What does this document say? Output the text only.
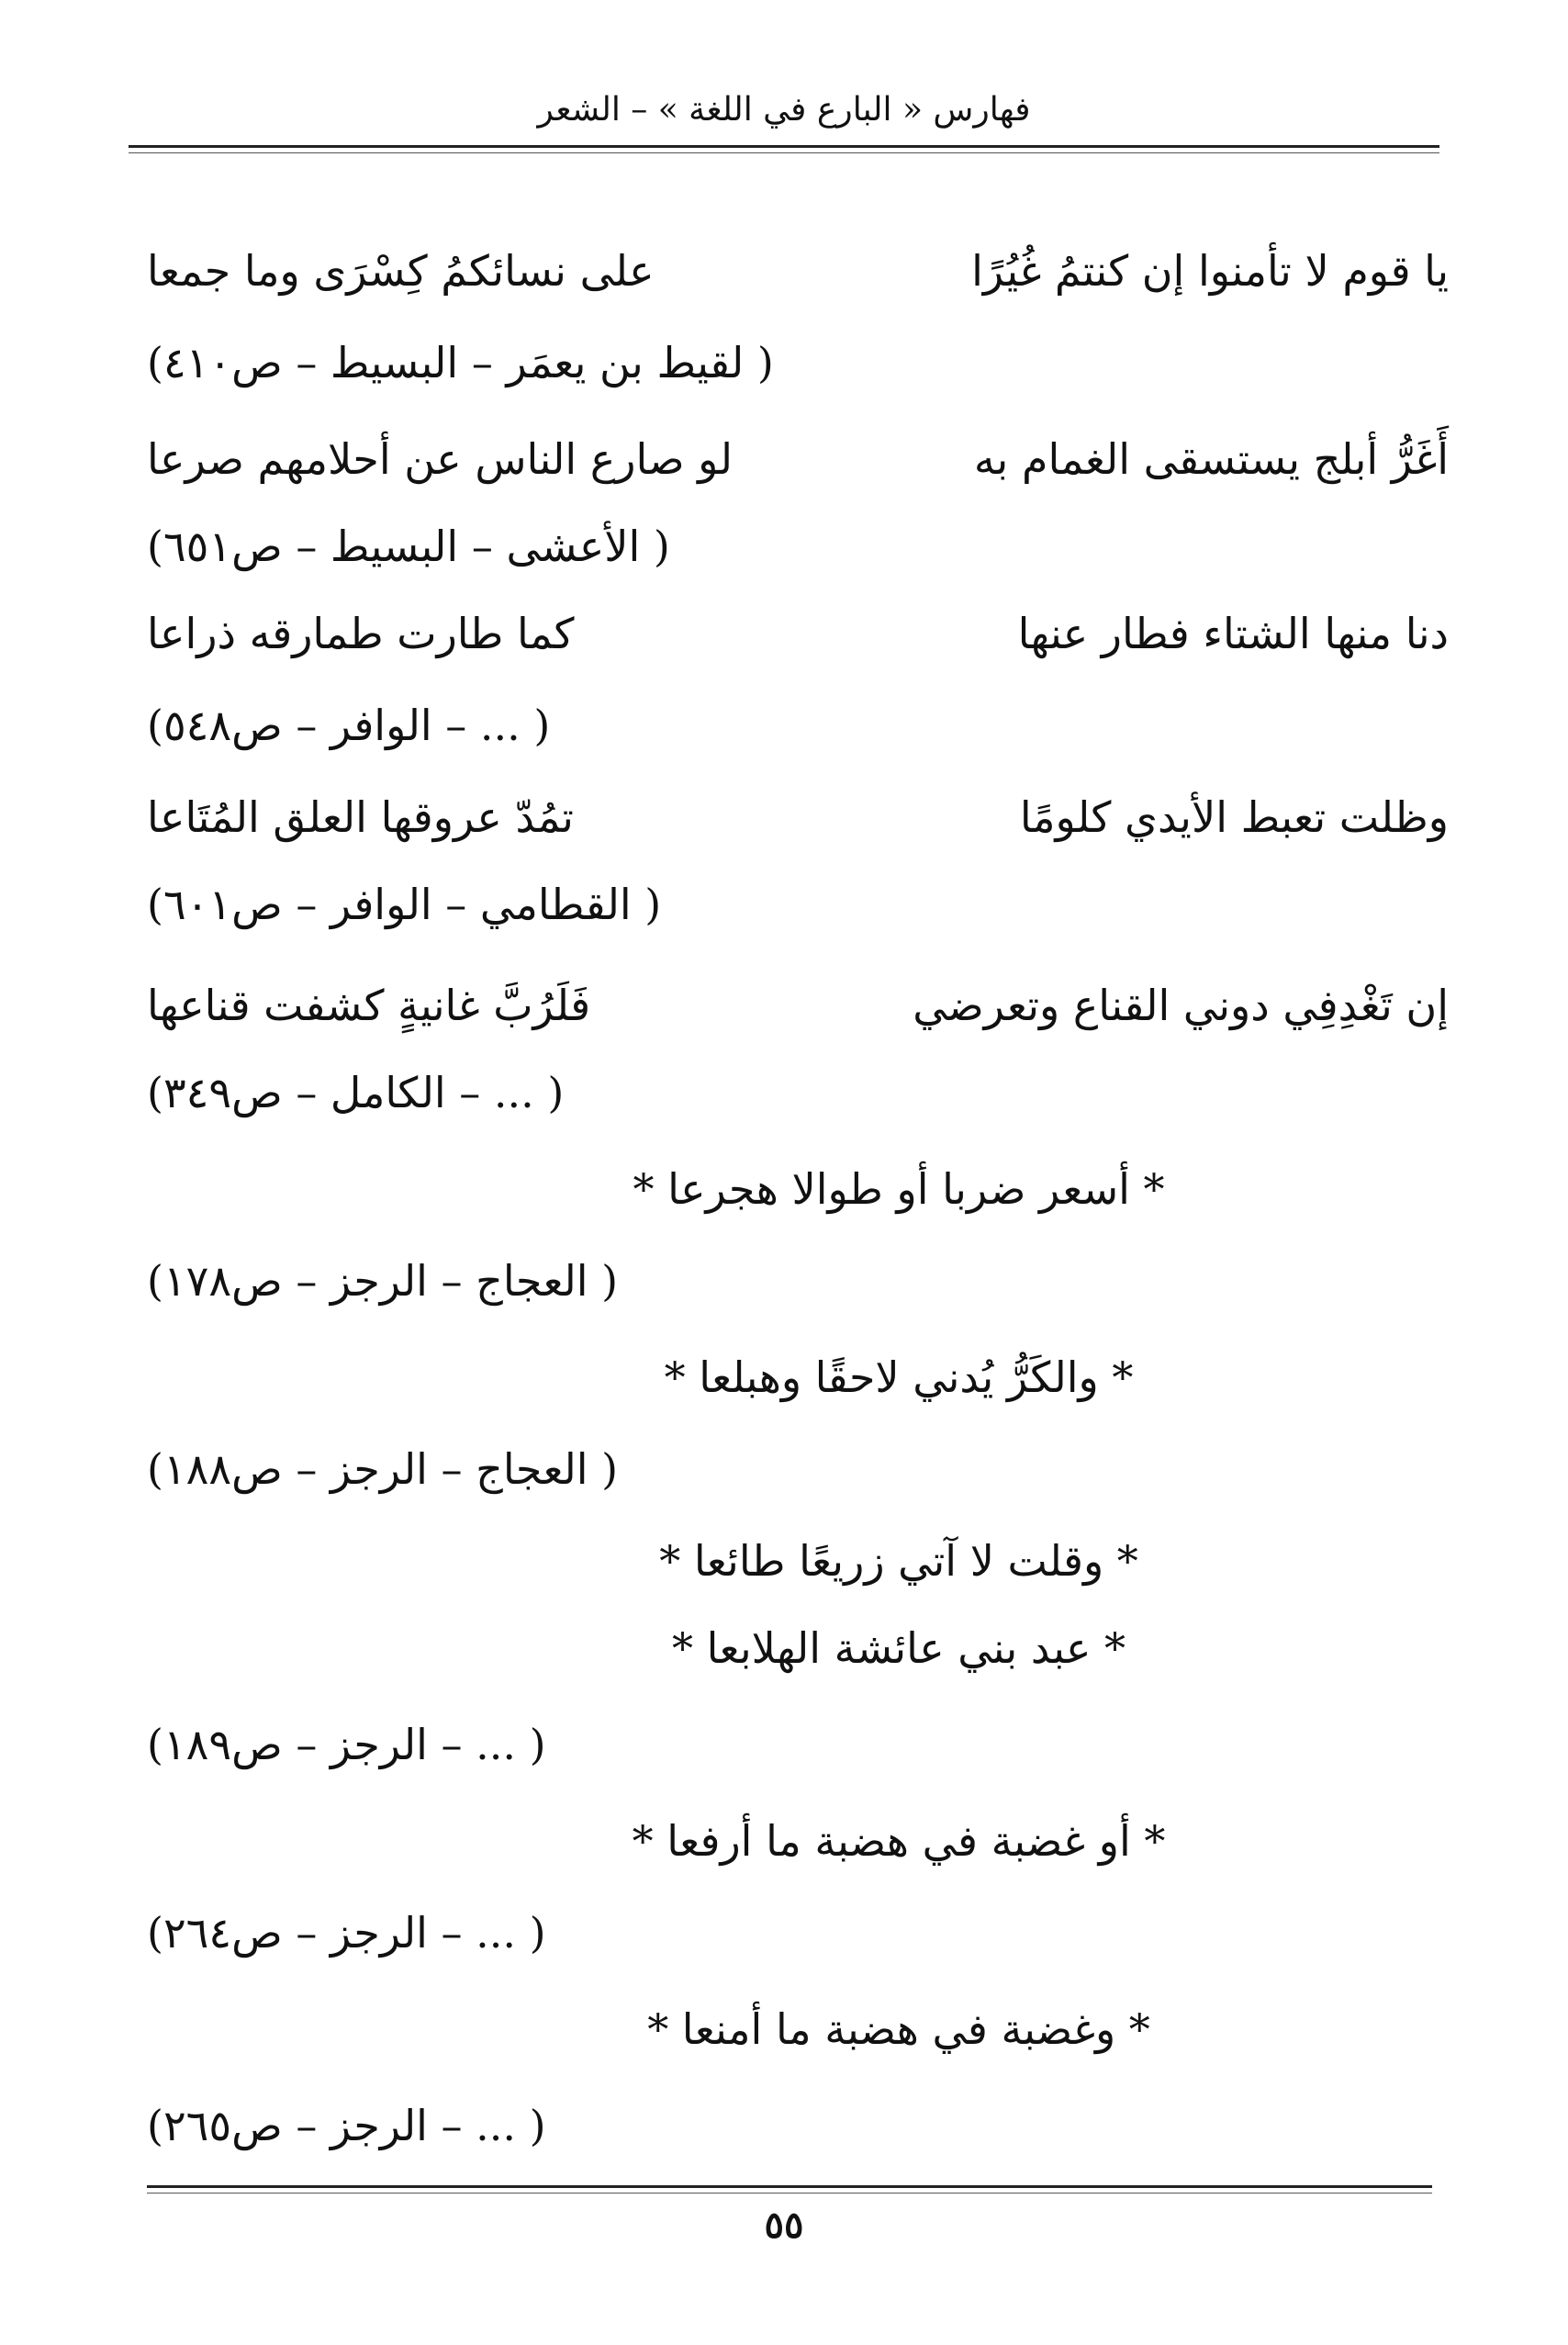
فهارس « البارع في اللغة » – الشعر
يا قوم لا تأمنوا إن كنتمُ غُيُرًا
على نسائكمُ كِسْرَى وما جمعا
( لقيط بن يعمَر – البسيط – ص٤١٠)
أَغَرُّ أبلج يستسقى الغمام به
لو صارع الناس عن أحلامهم صرعا
( الأعشى – البسيط – ص٦٥١)
دنا منها الشتاء فطار عنها
كما طارت طمارقه ذراعا
( ... – الوافر – ص٥٤٨)
وظلت تعبط الأيدي كلومًا
تمُدّ عروقها العلق المُتَاعا
( القطامي – الوافر – ص٦٠١)
إن تَغْدِفِي دوني القناع وتعرضي
فَلَرُبَّ غانيةٍ كشفت قناعها
( ... – الكامل – ص٣٤٩)
* أسعر ضربا أو طوالا هجرعا *
( العجاج – الرجز – ص١٧٨)
* والكَرُّ يُدني لاحقًا وهبلعا *
( العجاج – الرجز – ص١٨٨)
* وقلت لا آتي زريعًا طائعا *
* عبد بني عائشة الهلابعا *
( ... – الرجز – ص١٨٩)
* أو غضبة في هضبة ما أرفعا *
( ... – الرجز – ص٢٦٤)
* وغضبة في هضبة ما أمنعا *
( ... – الرجز – ص٢٦٥)
٥٥
